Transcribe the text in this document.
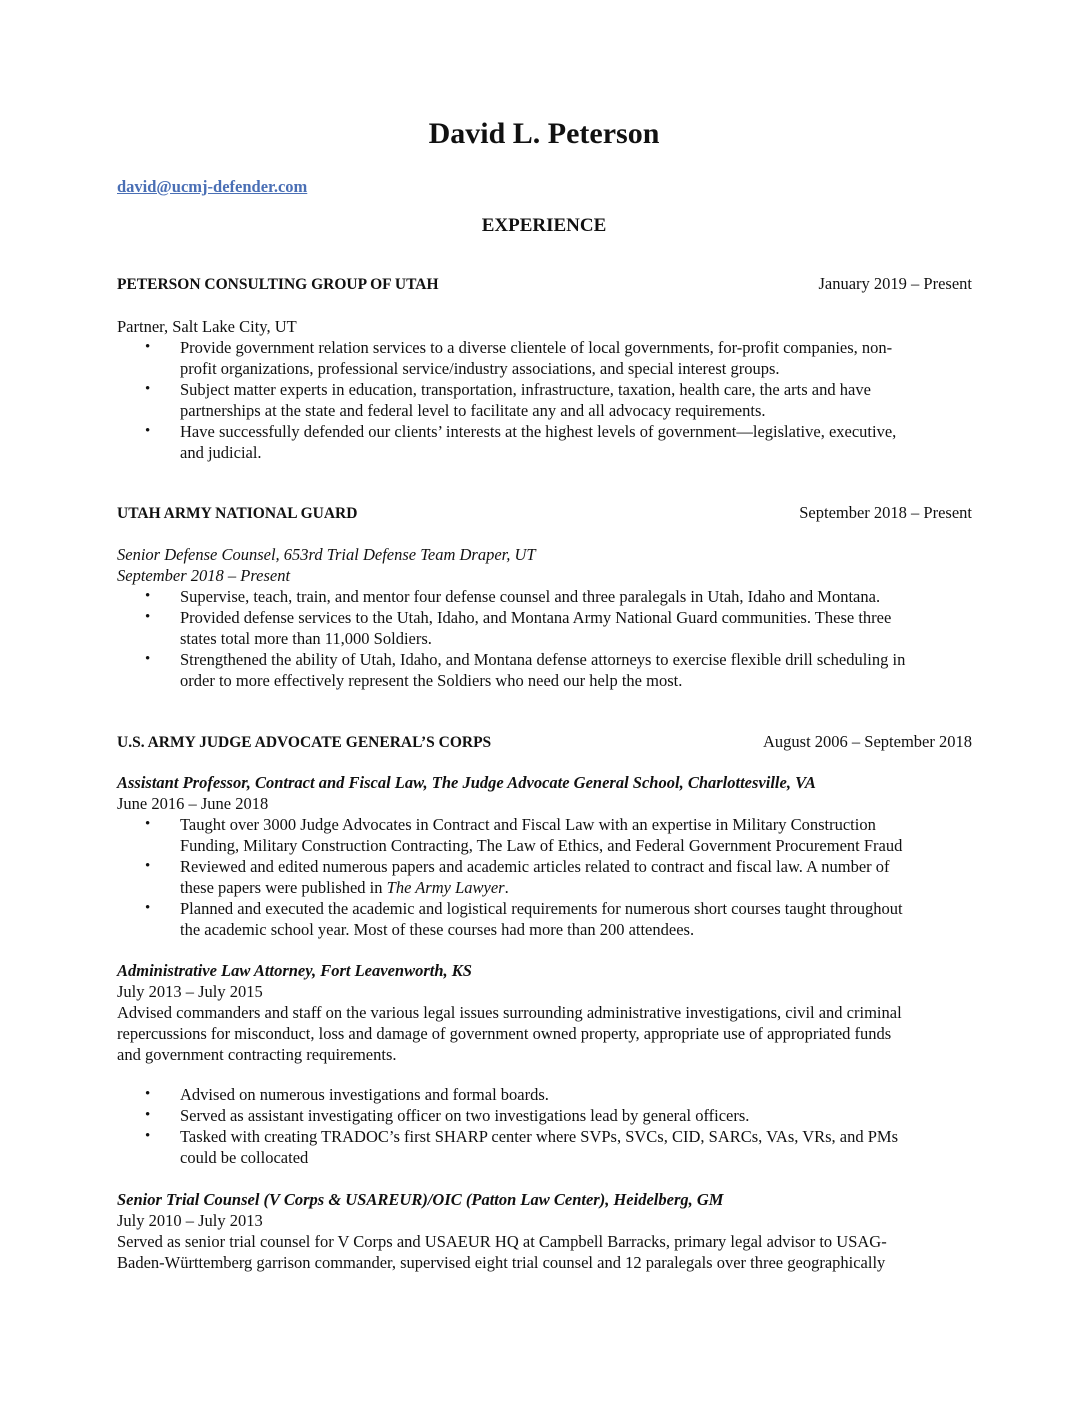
David L. Peterson
david@ucmj-defender.com
EXPERIENCE
PETERSON CONSULTING GROUP OF UTAH	January 2019 – Present
Partner, Salt Lake City, UT
• Provide government relation services to a diverse clientele of local governments, for-profit companies, non-
profit organizations, professional service/industry associations, and special interest groups.
• Subject matter experts in education, transportation, infrastructure, taxation, health care, the arts and have
partnerships at the state and federal level to facilitate any and all advocacy requirements.
• Have successfully defended our clients’ interests at the highest levels of government—legislative, executive,
and judicial.
UTAH ARMY NATIONAL GUARD	September 2018 – Present
Senior Defense Counsel, 653rd Trial Defense Team Draper, UT
September 2018 – Present
• Supervise, teach, train, and mentor four defense counsel and three paralegals in Utah, Idaho and Montana.
• Provided defense services to the Utah, Idaho, and Montana Army National Guard communities. These three
states total more than 11,000 Soldiers.
• Strengthened the ability of Utah, Idaho, and Montana defense attorneys to exercise flexible drill scheduling in
order to more effectively represent the Soldiers who need our help the most.
U.S. ARMY JUDGE ADVOCATE GENERAL’S CORPS	August 2006 – September 2018
Assistant Professor, Contract and Fiscal Law, The Judge Advocate General School, Charlottesville, VA
June 2016 – June 2018
• Taught over 3000 Judge Advocates in Contract and Fiscal Law with an expertise in Military Construction
Funding, Military Construction Contracting, The Law of Ethics, and Federal Government Procurement Fraud
• Reviewed and edited numerous papers and academic articles related to contract and fiscal law. A number of
these papers were published in The Army Lawyer.
• Planned and executed the academic and logistical requirements for numerous short courses taught throughout
the academic school year. Most of these courses had more than 200 attendees.
Administrative Law Attorney, Fort Leavenworth, KS
July 2013 – July 2015
Advised commanders and staff on the various legal issues surrounding administrative investigations, civil and criminal
repercussions for misconduct, loss and damage of government owned property, appropriate use of appropriated funds
and government contracting requirements.
• Advised on numerous investigations and formal boards.
• Served as assistant investigating officer on two investigations lead by general officers.
• Tasked with creating TRADOC’s first SHARP center where SVPs, SVCs, CID, SARCs, VAs, VRs, and PMs
could be collocated
Senior Trial Counsel (V Corps & USAREUR)/OIC (Patton Law Center), Heidelberg, GM
July 2010 – July 2013
Served as senior trial counsel for V Corps and USAEUR HQ at Campbell Barracks, primary legal advisor to USAG-
Baden-Württemberg garrison commander, supervised eight trial counsel and 12 paralegals over three geographically
